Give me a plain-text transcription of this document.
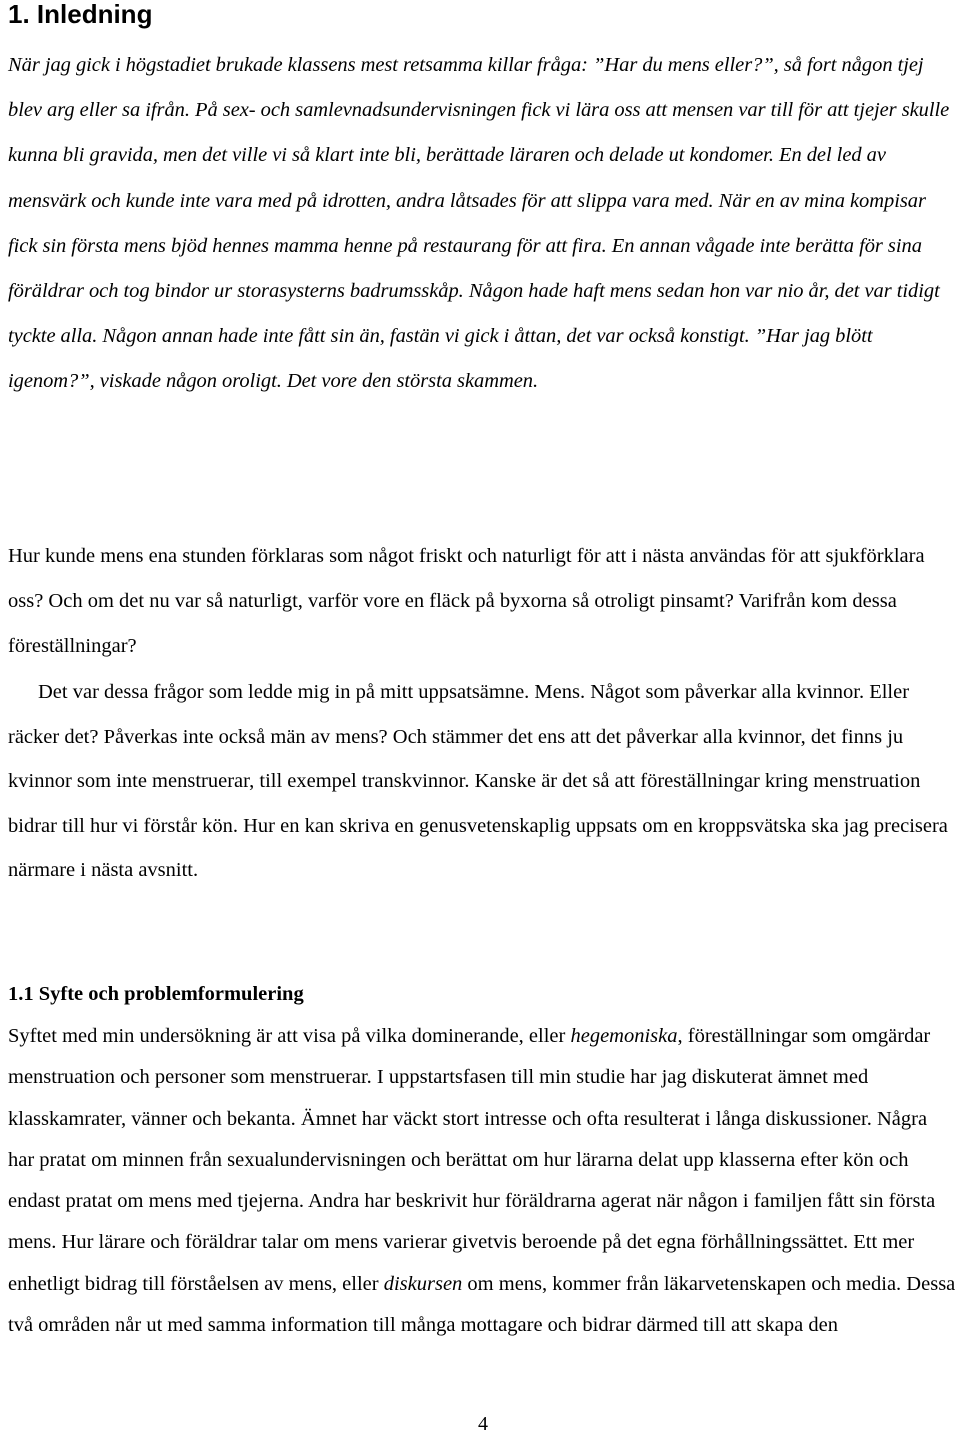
1. Inledning

När jag gick i högstadiet brukade klassens mest retsamma killar fråga: ”Har du mens eller?”, så fort någon tjej blev arg eller sa ifrån. På sex- och samlevnadsundervisningen fick vi lära oss att mensen var till för att tjejer skulle kunna bli gravida, men det ville vi så klart inte bli, berättade läraren och delade ut kondomer. En del led av mensvärk och kunde inte vara med på idrotten, andra låtsades för att slippa vara med. När en av mina kompisar fick sin första mens bjöd hennes mamma henne på restaurang för att fira. En annan vågade inte berätta för sina föräldrar och tog bindor ur storasysterns badrumsskåp. Någon hade haft mens sedan hon var nio år, det var tidigt tyckte alla. Någon annan hade inte fått sin än, fastän vi gick i åttan, det var också konstigt. ”Har jag blött igenom?”, viskade någon oroligt. Det vore den största skammen.

Hur kunde mens ena stunden förklaras som något friskt och naturligt för att i nästa användas för att sjukförklara oss? Och om det nu var så naturligt, varför vore en fläck på byxorna så otroligt pinsamt? Varifrån kom dessa föreställningar?

Det var dessa frågor som ledde mig in på mitt uppsatsämne. Mens. Något som påverkar alla kvinnor. Eller räcker det? Påverkas inte också män av mens? Och stämmer det ens att det påverkar alla kvinnor, det finns ju kvinnor som inte menstruerar, till exempel transkvinnor. Kanske är det så att föreställningar kring menstruation bidrar till hur vi förstår kön. Hur en kan skriva en genusvetenskaplig uppsats om en kroppsvätska ska jag precisera närmare i nästa avsnitt.

1.1 Syfte och problemformulering

Syftet med min undersökning är att visa på vilka dominerande, eller hegemoniska, föreställningar som omgärdar menstruation och personer som menstruerar. I uppstartsfasen till min studie har jag diskuterat ämnet med klasskamrater, vänner och bekanta. Ämnet har väckt stort intresse och ofta resulterat i långa diskussioner. Några har pratat om minnen från sexualundervisningen och berättat om hur lärarna delat upp klasserna efter kön och endast pratat om mens med tjejerna. Andra har beskrivit hur föräldrarna agerat när någon i familjen fått sin första mens. Hur lärare och föräldrar talar om mens varierar givetvis beroende på det egna förhållningssättet. Ett mer enhetligt bidrag till förståelsen av mens, eller diskursen om mens, kommer från läkarvetenskapen och media. Dessa två områden når ut med samma information till många mottagare och bidrar därmed till att skapa den

4
